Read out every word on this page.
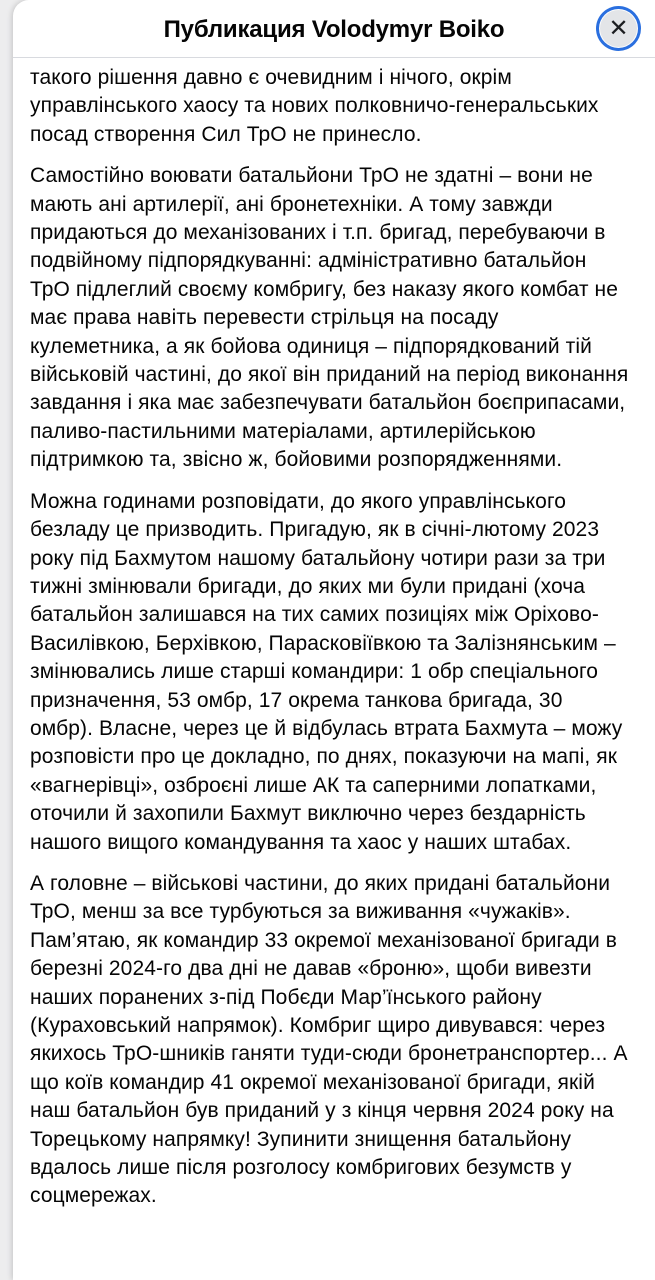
Публикация Volodymyr Boiko	✕

такого рішення давно є очевидним і нічого, окрім управлінського хаосу та нових полковничо-генеральських посад створення Сил ТрО не принесло.

Самостійно воювати батальйони ТрО не здатні – вони не мають ані артилерії, ані бронетехніки. А тому завжди придаються до механізованих і т.п. бригад, перебуваючи в подвійному підпорядкуванні: адміністративно батальйон ТрО підлеглий своєму комбригу, без наказу якого комбат не має права навіть перевести стрільця на посаду кулеметника, а як бойова одиниця – підпорядкований тій військовій частині, до якої він приданий на період виконання завдання і яка має забезпечувати батальйон боєприпасами, паливо-пастильними матеріалами, артилерійською підтримкою та, звісно ж, бойовими розпорядженнями.

Можна годинами розповідати, до якого управлінського безладу це призводить. Пригадую, як в січні-лютому 2023 року під Бахмутом нашому батальйону чотири рази за три тижні змінювали бригади, до яких ми були придані (хоча батальйон залишався на тих самих позиціях між Оріхово-Василівкою, Берхівкою, Парасковіївкою та Залізнянським – змінювались лише старші командири: 1 обр спеціального призначення, 53 омбр, 17 окрема танкова бригада, 30 омбр). Власне, через це й відбулась втрата Бахмута – можу розповісти про це докладно, по днях, показуючи на мапі, як «вагнерівці», озброєні лише АК та саперними лопатками, оточили й захопили Бахмут виключно через бездарність нашого вищого командування та хаос у наших штабах.

А головне – військові частини, до яких придані батальйони ТрО, менш за все турбуються за виживання «чужаків». Пам’ятаю, як командир 33 окремої механізованої бригади в березні 2024-го два дні не давав «броню», щоби вивезти наших поранених з-під Побєди Мар’їнського району (Кураховський напрямок). Комбриг щиро дивувався: через якихось ТрО-шників ганяти туди-сюди бронетранспортер... А що коїв командир 41 окремої механізованої бригади, якій наш батальйон був приданий у з кінця червня 2024 року на Торецькому напрямку! Зупинити знищення батальйону вдалось лише після розголосу комбригових безумств у соцмережах.
